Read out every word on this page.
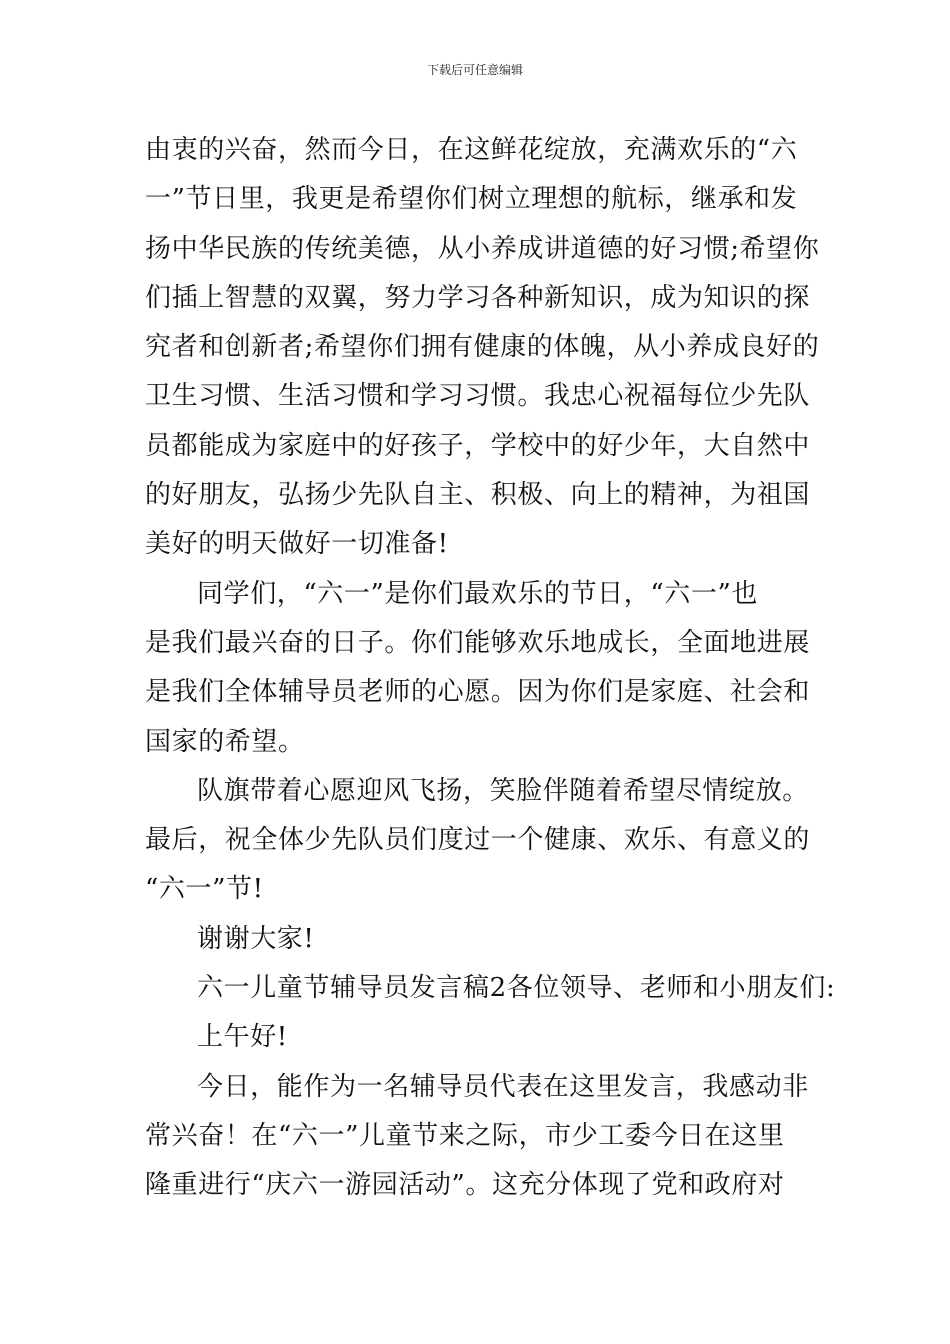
下载后可任意编辑
由衷的兴奋，然而今日，在这鲜花绽放，充满欢乐的“六
一”节日里，我更是希望你们树立理想的航标，继承和发
扬中华民族的传统美德，从小养成讲道德的好习惯;希望你
们插上智慧的双翼，努力学习各种新知识，成为知识的探
究者和创新者;希望你们拥有健康的体魄，从小养成良好的
卫生习惯、生活习惯和学习习惯。我忠心祝福每位少先队
员都能成为家庭中的好孩子，学校中的好少年，大自然中
的好朋友，弘扬少先队自主、积极、向上的精神，为祖国
美好的明天做好一切准备!
同学们，“六一”是你们最欢乐的节日，“六一”也
是我们最兴奋的日子。你们能够欢乐地成长，全面地进展
是我们全体辅导员老师的心愿。因为你们是家庭、社会和
国家的希望。
队旗带着心愿迎风飞扬，笑脸伴随着希望尽情绽放。
最后，祝全体少先队员们度过一个健康、欢乐、有意义的
“六一”节!
谢谢大家!
六一儿童节辅导员发言稿2各位领导、老师和小朋友们:
上午好!
今日，能作为一名辅导员代表在这里发言，我感动非
常兴奋！在“六一”儿童节来之际，市少工委今日在这里
隆重进行“庆六一游园活动”。这充分体现了党和政府对
